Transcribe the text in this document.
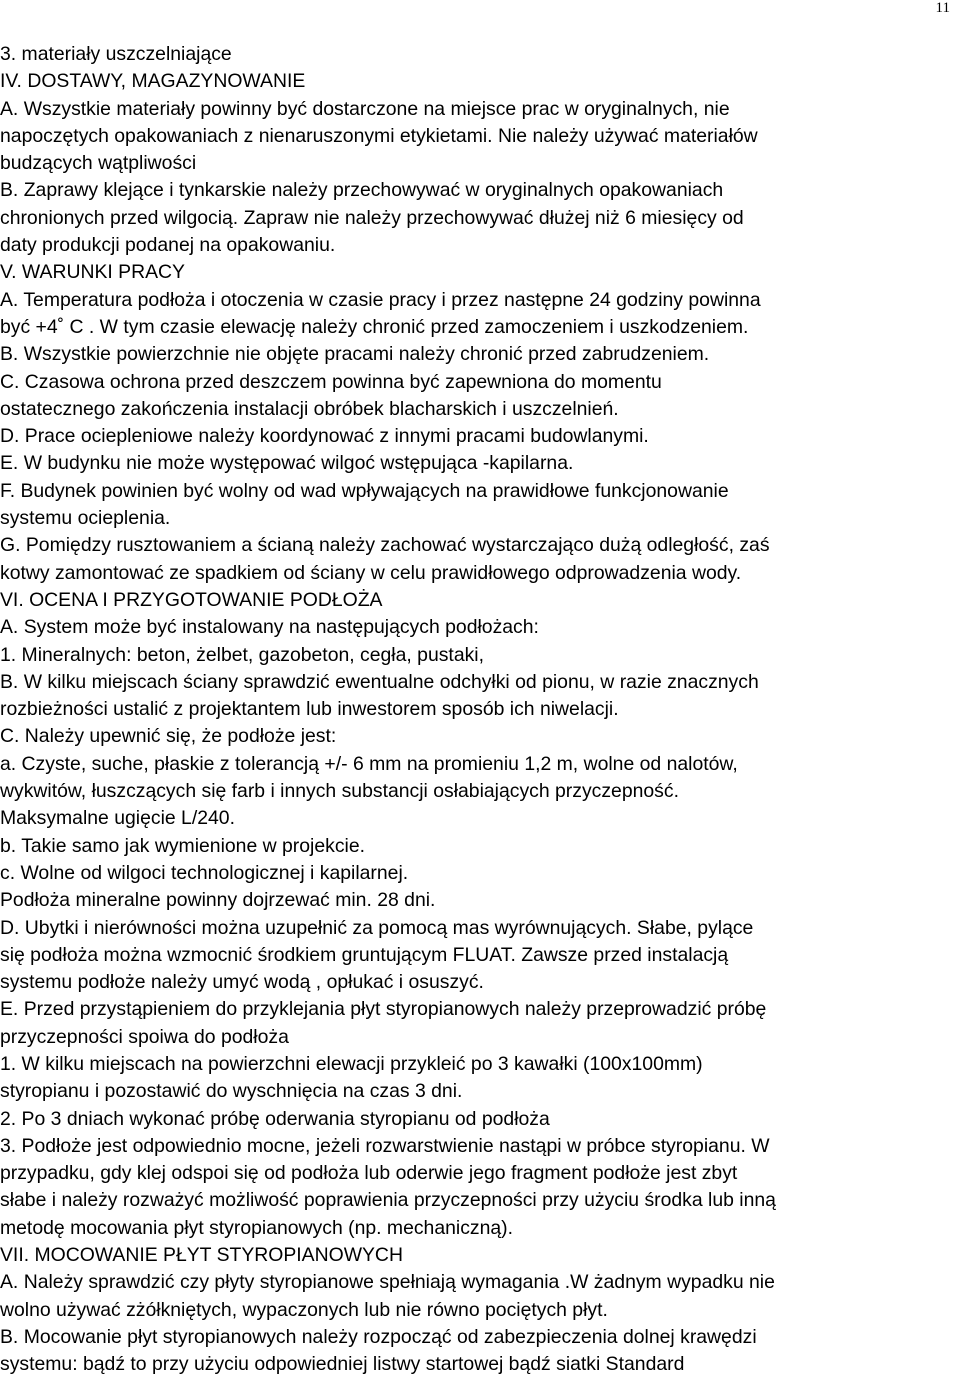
11
3. materiały uszczelniające
IV. DOSTAWY, MAGAZYNOWANIE
A. Wszystkie materiały powinny być dostarczone na miejsce prac w oryginalnych, nie
napoczętych opakowaniach z nienaruszonymi etykietami. Nie należy używać materiałów
budzących wątpliwości
B. Zaprawy klejące i tynkarskie należy przechowywać w oryginalnych opakowaniach
chronionych przed wilgocią. Zapraw nie należy przechowywać dłużej niż 6 miesięcy od
daty produkcji podanej na opakowaniu.
V. WARUNKI PRACY
A. Temperatura podłoża i otoczenia w czasie pracy i przez następne 24 godziny powinna
być +4˚ C . W tym czasie elewację należy chronić przed zamoczeniem i uszkodzeniem.
B. Wszystkie powierzchnie nie objęte pracami należy chronić przed zabrudzeniem.
C. Czasowa ochrona przed deszczem powinna być zapewniona do momentu
ostatecznego zakończenia instalacji obróbek blacharskich i uszczelnień.
D. Prace ociepleniowe należy koordynować z innymi pracami budowlanymi.
E. W budynku nie może występować wilgoć wstępująca -kapilarna.
F. Budynek powinien być wolny od wad wpływających na prawidłowe funkcjonowanie
systemu ocieplenia.
G. Pomiędzy rusztowaniem a ścianą należy zachować wystarczająco dużą odległość, zaś
kotwy zamontować ze spadkiem od ściany w celu prawidłowego odprowadzenia wody.
VI. OCENA I PRZYGOTOWANIE PODŁOŻA
A. System może być instalowany na następujących podłożach:
1. Mineralnych: beton, żelbet, gazobeton, cegła, pustaki,
B. W kilku miejscach ściany sprawdzić ewentualne odchyłki od pionu, w razie znacznych
rozbieżności ustalić z projektantem lub inwestorem sposób ich niwelacji.
C. Należy upewnić się, że podłoże jest:
a. Czyste, suche, płaskie z tolerancją +/- 6 mm na promieniu 1,2 m, wolne od nalotów,
wykwitów, łuszczących się farb i innych substancji osłabiających przyczepność.
Maksymalne ugięcie L/240.
b. Takie samo jak wymienione w projekcie.
c. Wolne od wilgoci technologicznej i kapilarnej.
Podłoża mineralne powinny dojrzewać min. 28 dni.
D. Ubytki i nierówności można uzupełnić za pomocą mas wyrównujących. Słabe, pylące
się podłoża można wzmocnić środkiem gruntującym FLUAT. Zawsze przed instalacją
systemu podłoże należy umyć wodą , opłukać i osuszyć.
E. Przed przystąpieniem do przyklejania płyt styropianowych należy przeprowadzić próbę
przyczepności spoiwa do podłoża
1. W kilku miejscach na powierzchni elewacji przykleić po 3 kawałki (100x100mm)
styropianu i pozostawić do wyschnięcia na czas 3 dni.
2. Po 3 dniach wykonać próbę oderwania styropianu od podłoża
3. Podłoże jest odpowiednio mocne, jeżeli rozwarstwienie nastąpi w próbce styropianu. W
przypadku, gdy klej odspoi się od podłoża lub oderwie jego fragment podłoże jest zbyt
słabe i należy rozważyć możliwość poprawienia przyczepności przy użyciu środka lub inną
metodę mocowania płyt styropianowych (np. mechaniczną).
VII. MOCOWANIE PŁYT STYROPIANOWYCH
A. Należy sprawdzić czy płyty styropianowe spełniają wymagania .W żadnym wypadku nie
wolno używać zżółkniętych, wypaczonych lub nie równo pociętych płyt.
B. Mocowanie płyt styropianowych należy rozpocząć od zabezpieczenia dolnej krawędzi
systemu: bądź to przy użyciu odpowiedniej listwy startowej bądź siatki Standard
